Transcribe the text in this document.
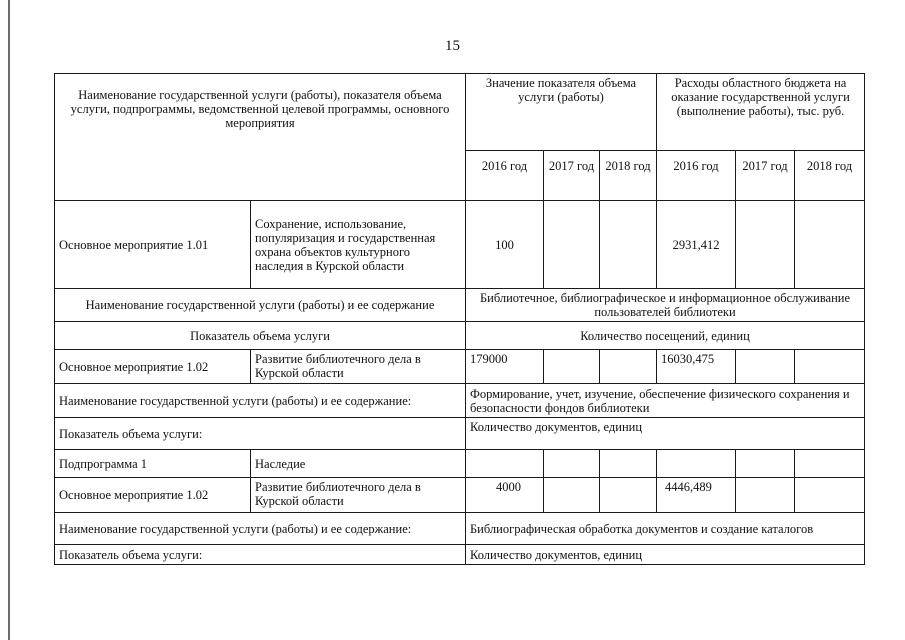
15
Наименование государственной услуги (работы), показателя объема услуги, подпрограммы, ведомственной целевой программы, основного мероприятия		Значение показателя объема услуги (работы)			Расходы областного бюджета на оказание государственной услуги (выполнение работы), тыс. руб.		
		2016 год	2017 год	2018 год	2016 год	2017 год	2018 год
Основное мероприятие 1.01	Сохранение, использование, популяризация и государственная охрана объектов культурного наследия в Курской области	100			2931,412		
Наименование государственной услуги (работы) и ее содержание		Библиотечное, библиографическое и информационное обслуживание пользователей библиотеки					
Показатель объема услуги		Количество посещений, единиц					
Основное мероприятие 1.02	Развитие библиотечного дела в Курской области	179000			16030,475		
Наименование государственной услуги (работы) и ее содержание:		Формирование, учет, изучение, обеспечение физического сохранения и безопасности фондов библиотеки					
Показатель объема услуги:		Количество документов, единиц					
Подпрограмма 1	Наследие						
Основное мероприятие 1.02	Развитие библиотечного дела в Курской области	4000			4446,489		
Наименование государственной услуги (работы) и ее содержание:		Библиографическая обработка документов и создание каталогов					
Показатель объема услуги:		Количество документов, единиц					
